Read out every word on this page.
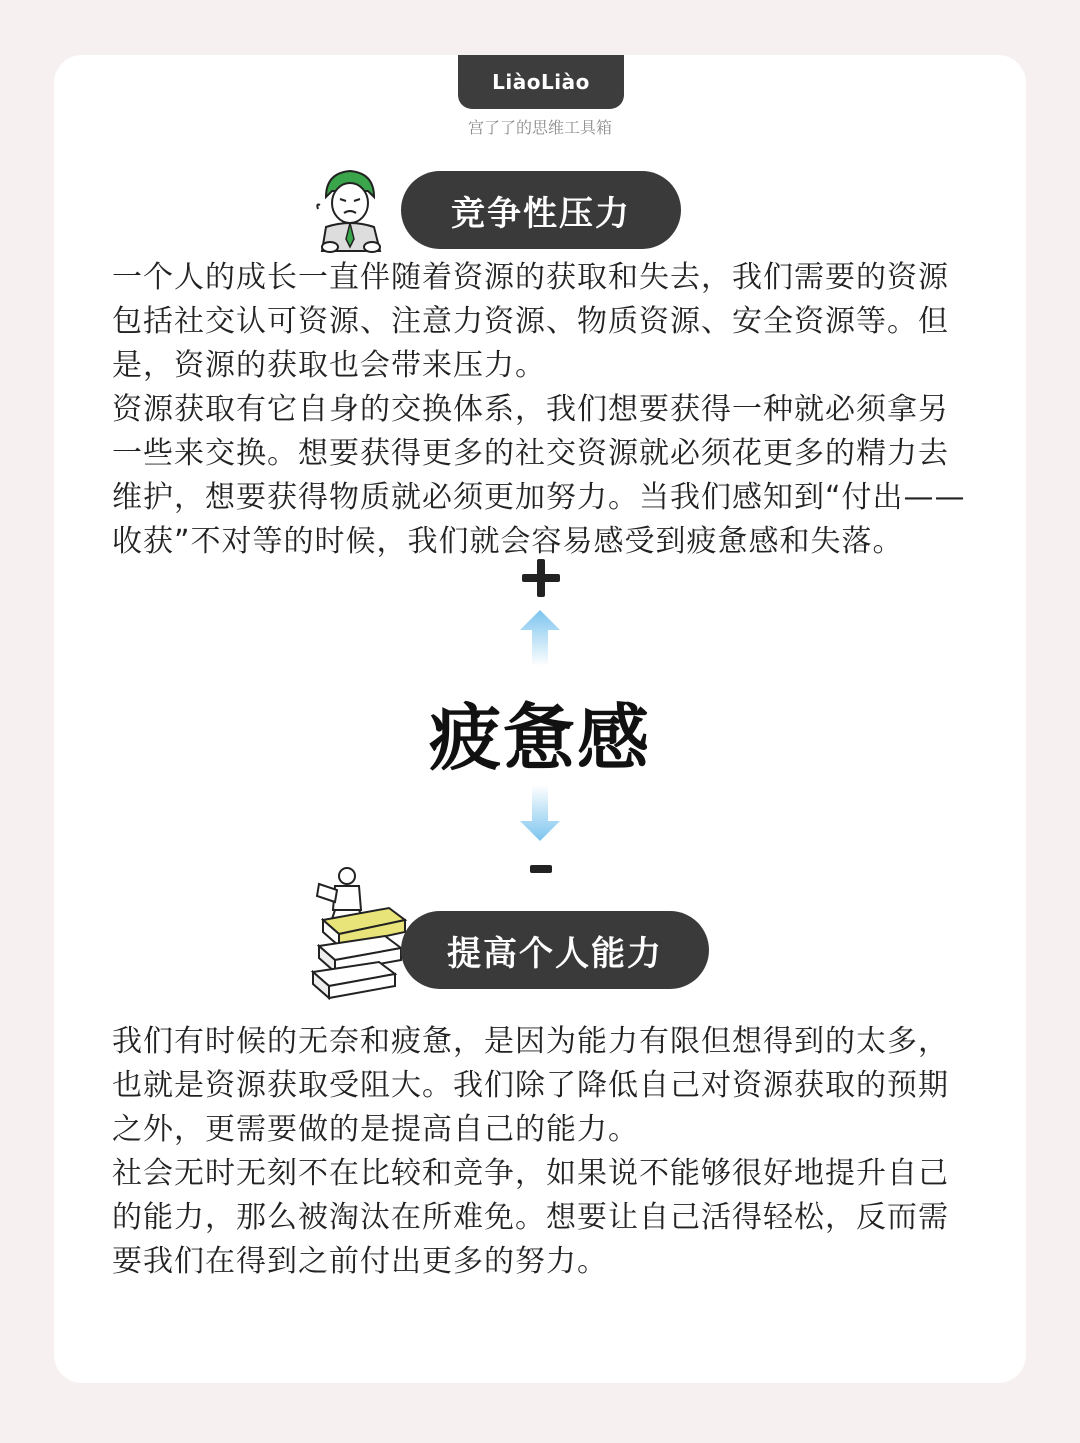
LiàoLiào
宫了了的思维工具箱
竞争性压力

一个人的成长一直伴随着资源的获取和失去，我们需要的资源包括社交认可资源、注意力资源、物质资源、安全资源等。但是，资源的获取也会带来压力。

资源获取有它自身的交换体系，我们想要获得一种就必须拿另一些来交换。想要获得更多的社交资源就必须花更多的精力去维护，想要获得物质就必须更加努力。当我们感知到“付出——收获”不对等的时候，我们就会容易感受到疲惫感和失落。

疲惫感
提高个人能力

我们有时候的无奈和疲惫，是因为能力有限但想得到的太多，也就是资源获取受阻大。我们除了降低自己对资源获取的预期之外，更需要做的是提高自己的能力。

社会无时无刻不在比较和竞争，如果说不能够很好地提升自己的能力，那么被淘汰在所难免。想要让自己活得轻松，反而需要我们在得到之前付出更多的努力。
